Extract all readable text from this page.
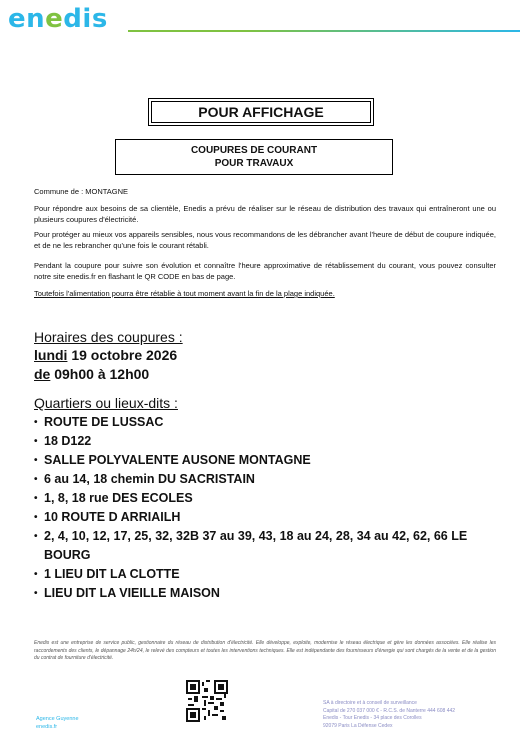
enedis
POUR AFFICHAGE
COUPURES DE COURANT
POUR TRAVAUX
Commune de : MONTAGNE
Pour répondre aux besoins de sa clientèle, Enedis a prévu de réaliser sur le réseau de distribution des travaux qui entraîneront une ou plusieurs coupures d'électricité.
Pour protéger au mieux vos appareils sensibles, nous vous recommandons de les débrancher avant l'heure de début de coupure indiquée, et de ne les rebrancher qu'une fois le courant rétabli.
Pendant la coupure pour suivre son évolution et connaître l'heure approximative de rétablissement du courant, vous pouvez consulter notre site enedis.fr en flashant le QR CODE en bas de page.
Toutefois l'alimentation pourra être rétablie à tout moment avant la fin de la plage indiquée.
Horaires des coupures :
lundi 19 octobre 2026
de 09h00 à 12h00
Quartiers ou lieux-dits :
• ROUTE DE LUSSAC
• 18 D122
• SALLE POLYVALENTE AUSONE MONTAGNE
• 6 au 14, 18 chemin DU SACRISTAIN
• 1, 8, 18 rue DES ECOLES
• 10 ROUTE D ARRIAILH
• 2, 4, 10, 12, 17, 25, 32, 32B 37 au 39, 43, 18 au 24, 28, 34 au 42, 62, 66 LE BOURG
• 1 LIEU DIT LA CLOTTE
• LIEU DIT LA VIEILLE MAISON
Enedis est une entreprise de service public, gestionnaire du réseau de distribution d'électricité. Elle développe, exploite, modernise le réseau électrique et gère les données associées. Elle réalise les raccordements des clients, le dépannage 24h/24, le relevé des compteurs et toutes les interventions techniques. Elle est indépendante des fournisseurs d'énergie qui sont chargés de la vente et de la gestion du contrat de fourniture d'électricité.
Agence Guyenne
enedis.fr
SA à directoire et à conseil de surveillance
Capital de 270 037 000 € - R.C.S. de Nanterre 444 608 442
Enedis - Tour Enedis - 34 place des Corolles
92079 Paris La Défense Cedex
